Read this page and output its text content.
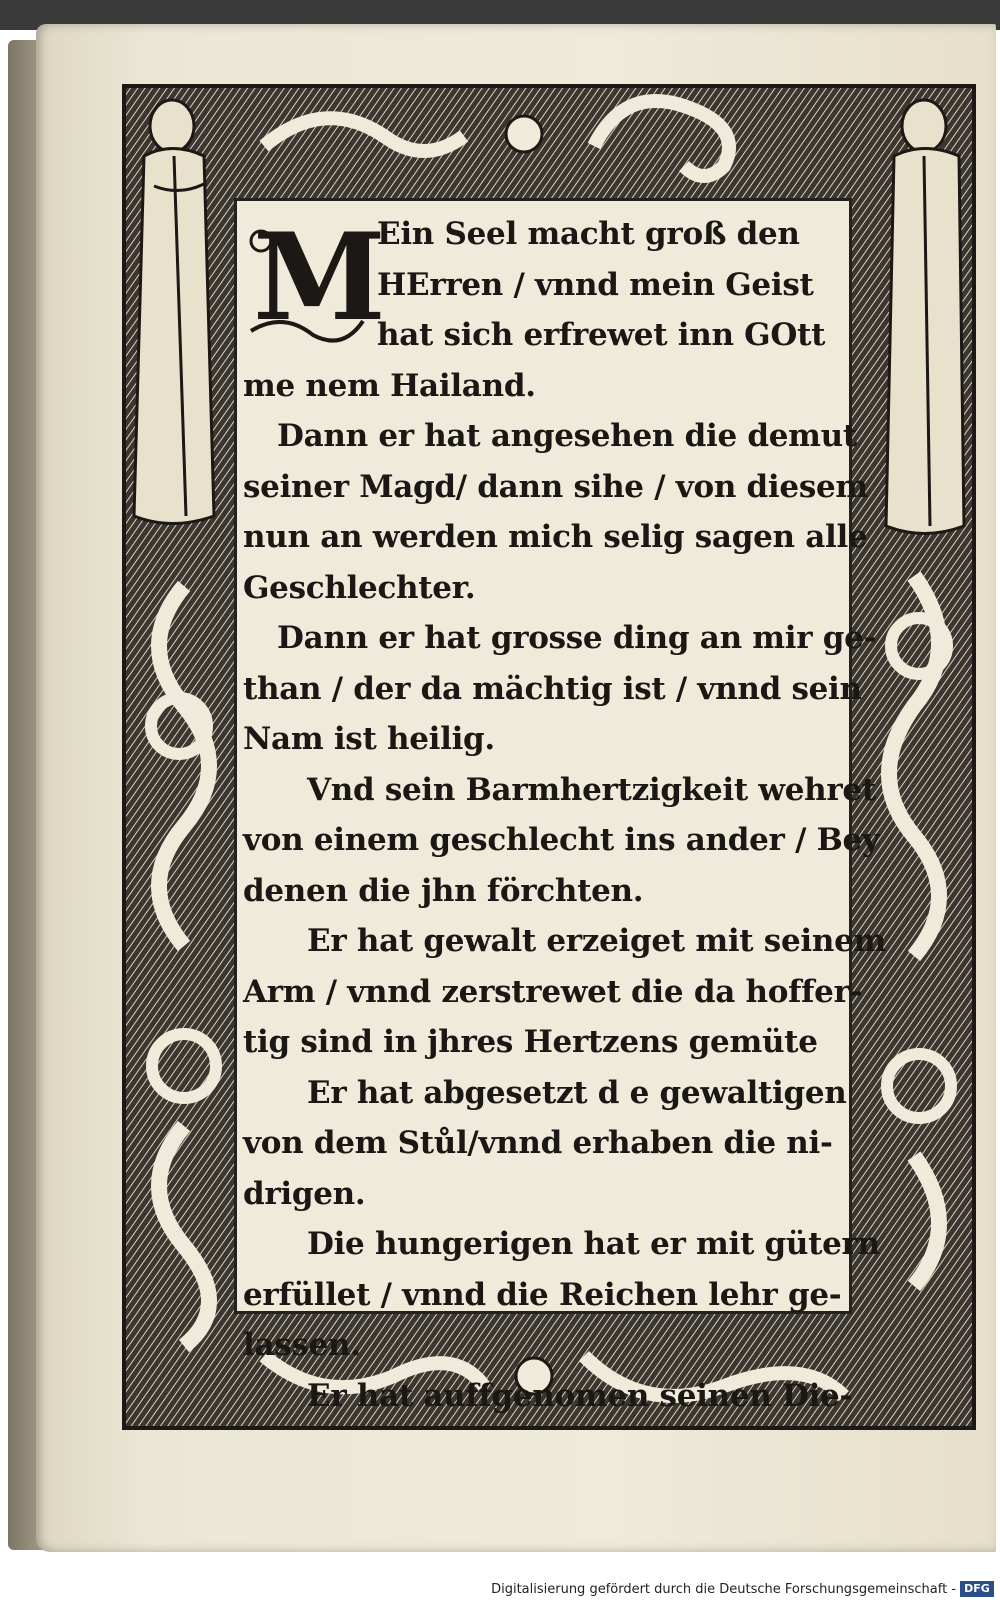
M
Ein Seel macht groß den
HErren / vnnd mein Geist
hat sich erfrewet inn GOtt
me nem Hailand.
Dann er hat angesehen die demut
seiner Magd/ dann sihe / von diesem
nun an werden mich selig sagen alle
Geschlechter.
Dann er hat grosse ding an mir ge-
than / der da mächtig ist / vnnd sein
Nam ist heilig.
Vnd sein Barmhertzigkeit wehret
von einem geschlecht ins ander / Bey
denen die jhn förchten.
Er hat gewalt erzeiget mit seinem
Arm / vnnd zerstrewet die da hoffer-
tig sind in jhres Hertzens gemüte
Er hat abgesetzt d e gewaltigen
von dem Stůl/vnnd erhaben die ni-
drigen.
Die hungerigen hat er mit gütern
erfüllet / vnnd die Reichen lehr ge-
lassen.
Er hat auffgenomen seinen Die-
Digitalisierung gefördert durch die Deutsche Forschungsgemeinschaft - DFG
